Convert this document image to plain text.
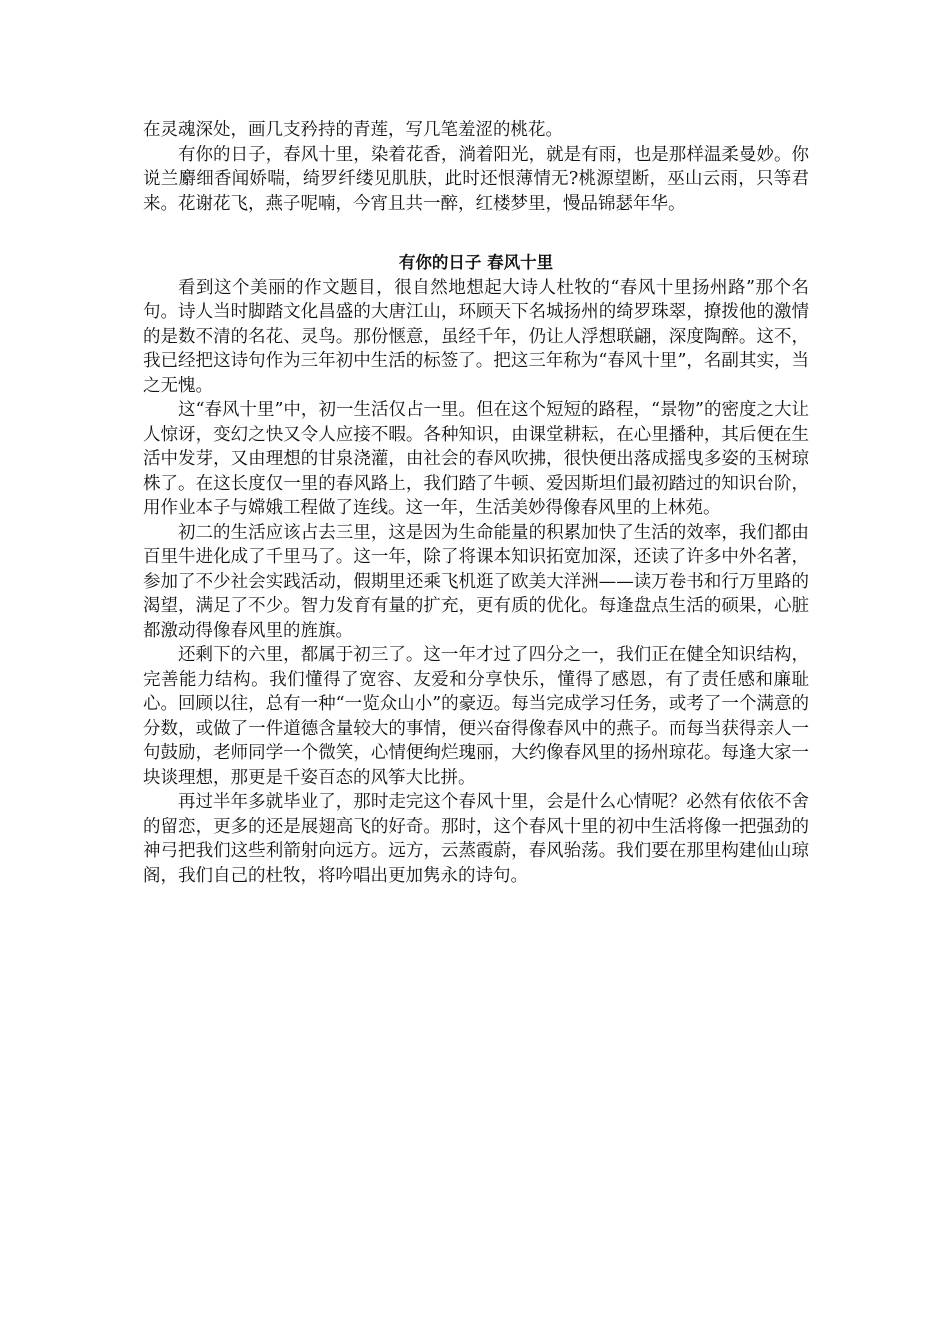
在灵魂深处，画几支矜持的青莲，写几笔羞涩的桃花。

有你的日子，春风十里，染着花香，淌着阳光，就是有雨，也是那样温柔曼妙。你说兰麝细香闻娇喘，绮罗纤缕见肌肤，此时还恨薄情无?桃源望断，巫山云雨，只等君来。花谢花飞，燕子呢喃，今宵且共一醉，红楼梦里，慢品锦瑟年华。

有你的日子 春风十里

看到这个美丽的作文题目，很自然地想起大诗人杜牧的“春风十里扬州路”那个名句。诗人当时脚踏文化昌盛的大唐江山，环顾天下名城扬州的绮罗珠翠，撩拨他的激情的是数不清的名花、灵鸟。那份惬意，虽经千年，仍让人浮想联翩，深度陶醉。这不，我已经把这诗句作为三年初中生活的标签了。把这三年称为“春风十里”，名副其实，当之无愧。

这“春风十里”中，初一生活仅占一里。但在这个短短的路程，“景物”的密度之大让人惊讶，变幻之快又令人应接不暇。各种知识，由课堂耕耘，在心里播种，其后便在生活中发芽，又由理想的甘泉浇灌，由社会的春风吹拂，很快便出落成摇曳多姿的玉树琼株了。在这长度仅一里的春风路上，我们踏了牛顿、爱因斯坦们最初踏过的知识台阶，用作业本子与嫦娥工程做了连线。这一年，生活美妙得像春风里的上林苑。

初二的生活应该占去三里，这是因为生命能量的积累加快了生活的效率，我们都由百里牛进化成了千里马了。这一年，除了将课本知识拓宽加深，还读了许多中外名著，参加了不少社会实践活动，假期里还乘飞机逛了欧美大洋洲——读万卷书和行万里路的渴望，满足了不少。智力发育有量的扩充，更有质的优化。每逢盘点生活的硕果，心脏都激动得像春风里的旌旗。

还剩下的六里，都属于初三了。这一年才过了四分之一，我们正在健全知识结构，完善能力结构。我们懂得了宽容、友爱和分享快乐，懂得了感恩，有了责任感和廉耻心。回顾以往，总有一种“一览众山小”的豪迈。每当完成学习任务，或考了一个满意的分数，或做了一件道德含量较大的事情，便兴奋得像春风中的燕子。而每当获得亲人一句鼓励，老师同学一个微笑，心情便绚烂瑰丽，大约像春风里的扬州琼花。每逢大家一块谈理想，那更是千姿百态的风筝大比拼。

再过半年多就毕业了，那时走完这个春风十里，会是什么心情呢？必然有依依不舍的留恋，更多的还是展翅高飞的好奇。那时，这个春风十里的初中生活将像一把强劲的神弓把我们这些利箭射向远方。远方，云蒸霞蔚，春风骀荡。我们要在那里构建仙山琼阁，我们自己的杜牧，将吟唱出更加隽永的诗句。
